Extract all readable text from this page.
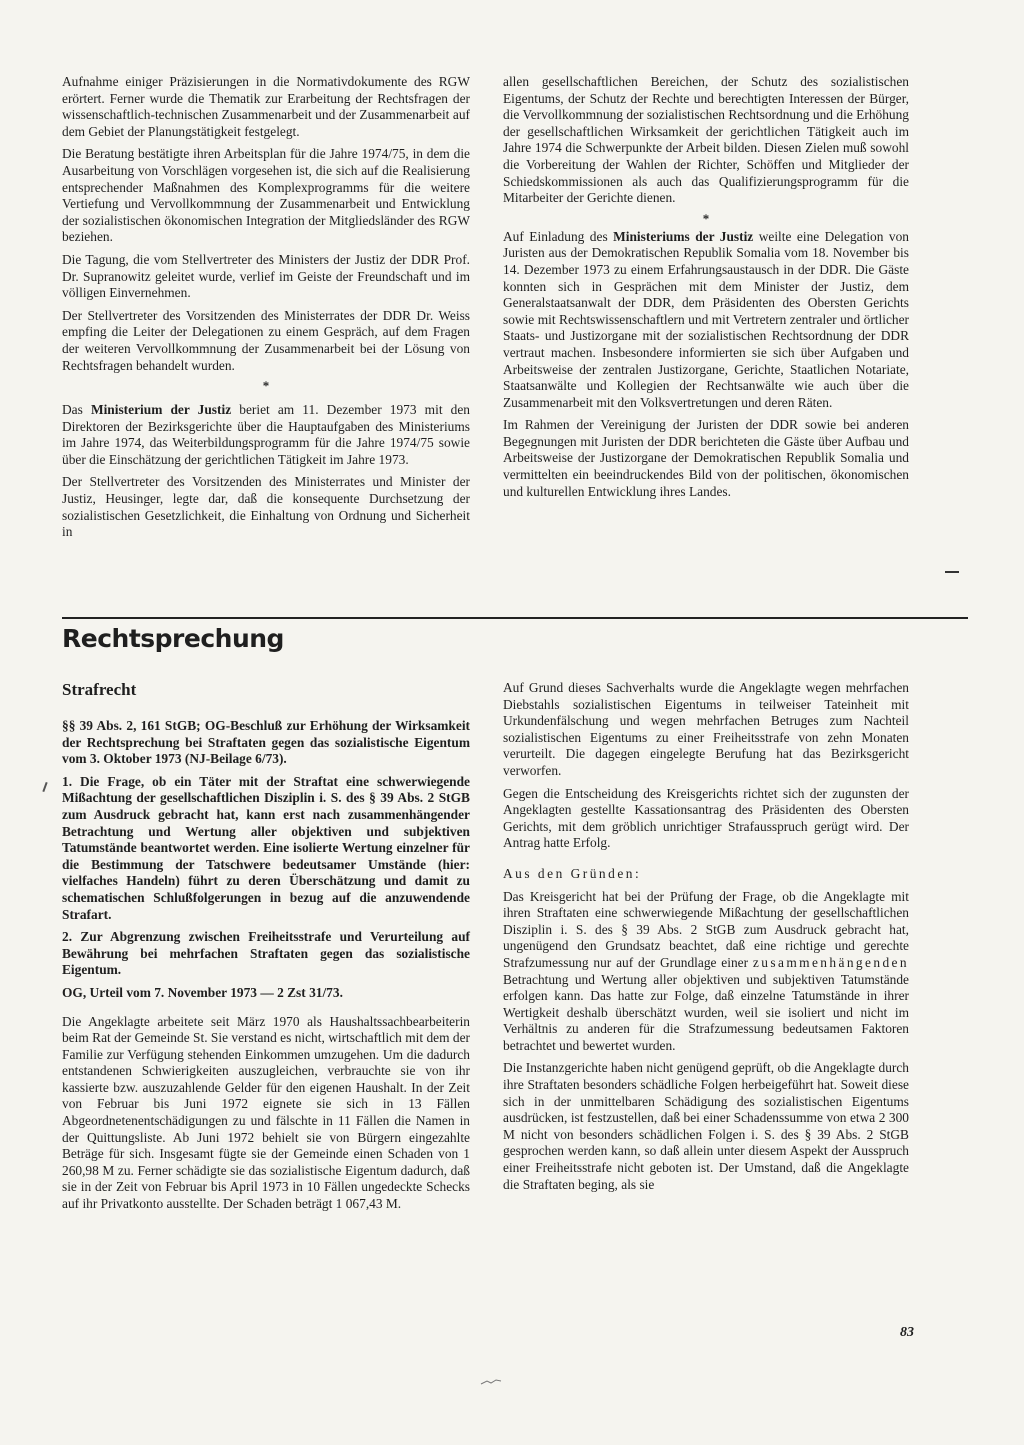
Aufnahme einiger Präzisierungen in die Normativdokumente des RGW erörtert. Ferner wurde die Thematik zur Erarbeitung der Rechtsfragen der wissenschaftlich-technischen Zusammenarbeit und der Zusammenarbeit auf dem Gebiet der Planungstätigkeit festgelegt.

Die Beratung bestätigte ihren Arbeitsplan für die Jahre 1974/75, in dem die Ausarbeitung von Vorschlägen vorgesehen ist, die sich auf die Realisierung entsprechender Maßnahmen des Komplexprogramms für die weitere Vertiefung und Vervollkommnung der Zusammenarbeit und Entwicklung der sozialistischen ökonomischen Integration der Mitgliedsländer des RGW beziehen.

Die Tagung, die vom Stellvertreter des Ministers der Justiz der DDR Prof. Dr. Supranowitz geleitet wurde, verlief im Geiste der Freundschaft und im völligen Einvernehmen.

Der Stellvertreter des Vorsitzenden des Ministerrates der DDR Dr. Weiss empfing die Leiter der Delegationen zu einem Gespräch, auf dem Fragen der weiteren Vervollkommnung der Zusammenarbeit bei der Lösung von Rechtsfragen behandelt wurden.

*

Das Ministerium der Justiz beriet am 11. Dezember 1973 mit den Direktoren der Bezirksgerichte über die Hauptaufgaben des Ministeriums im Jahre 1974, das Weiterbildungsprogramm für die Jahre 1974/75 sowie über die Einschätzung der gerichtlichen Tätigkeit im Jahre 1973.

Der Stellvertreter des Vorsitzenden des Ministerrates und Minister der Justiz, Heusinger, legte dar, daß die konsequente Durchsetzung der sozialistischen Gesetzlichkeit, die Einhaltung von Ordnung und Sicherheit in

allen gesellschaftlichen Bereichen, der Schutz des sozialistischen Eigentums, der Schutz der Rechte und berechtigten Interessen der Bürger, die Vervollkommnung der sozialistischen Rechtsordnung und die Erhöhung der gesellschaftlichen Wirksamkeit der gerichtlichen Tätigkeit auch im Jahre 1974 die Schwerpunkte der Arbeit bilden. Diesen Zielen muß sowohl die Vorbereitung der Wahlen der Richter, Schöffen und Mitglieder der Schiedskommissionen als auch das Qualifizierungsprogramm für die Mitarbeiter der Gerichte dienen.

*

Auf Einladung des Ministeriums der Justiz weilte eine Delegation von Juristen aus der Demokratischen Republik Somalia vom 18. November bis 14. Dezember 1973 zu einem Erfahrungsaustausch in der DDR. Die Gäste konnten sich in Gesprächen mit dem Minister der Justiz, dem Generalstaatsanwalt der DDR, dem Präsidenten des Obersten Gerichts sowie mit Rechtswissenschaftlern und mit Vertretern zentraler und örtlicher Staats- und Justizorgane mit der sozialistischen Rechtsordnung der DDR vertraut machen. Insbesondere informierten sie sich über Aufgaben und Arbeitsweise der zentralen Justizorgane, Gerichte, Staatlichen Notariate, Staatsanwälte und Kollegien der Rechtsanwälte wie auch über die Zusammenarbeit mit den Volksvertretungen und deren Räten.

Im Rahmen der Vereinigung der Juristen der DDR sowie bei anderen Begegnungen mit Juristen der DDR berichteten die Gäste über Aufbau und Arbeitsweise der Justizorgane der Demokratischen Republik Somalia und vermittelten ein beeindruckendes Bild von der politischen, ökonomischen und kulturellen Entwicklung ihres Landes.

Rechtsprechung
Strafrecht

§§ 39 Abs. 2, 161 StGB; OG-Beschluß zur Erhöhung der Wirksamkeit der Rechtsprechung bei Straftaten gegen das sozialistische Eigentum vom 3. Oktober 1973 (NJ-Beilage 6/73).

1. Die Frage, ob ein Täter mit der Straftat eine schwerwiegende Mißachtung der gesellschaftlichen Disziplin i. S. des § 39 Abs. 2 StGB zum Ausdruck gebracht hat, kann erst nach zusammenhängender Betrachtung und Wertung aller objektiven und subjektiven Tatumstände beantwortet werden. Eine isolierte Wertung einzelner für die Bestimmung der Tatschwere bedeutsamer Umstände (hier: vielfaches Handeln) führt zu deren Überschätzung und damit zu schematischen Schlußfolgerungen in bezug auf die anzuwendende Strafart.

2. Zur Abgrenzung zwischen Freiheitsstrafe und Verurteilung auf Bewährung bei mehrfachen Straftaten gegen das sozialistische Eigentum.

OG, Urteil vom 7. November 1973 — 2 Zst 31/73.

Die Angeklagte arbeitete seit März 1970 als Haushaltssachbearbeiterin beim Rat der Gemeinde St. Sie verstand es nicht, wirtschaftlich mit dem der Familie zur Verfügung stehenden Einkommen umzugehen. Um die dadurch entstandenen Schwierigkeiten auszugleichen, verbrauchte sie von ihr kassierte bzw. auszuzahlende Gelder für den eigenen Haushalt. In der Zeit von Februar bis Juni 1972 eignete sie sich in 13 Fällen Abgeordnetenentschädigungen zu und fälschte in 11 Fällen die Namen in der Quittungsliste. Ab Juni 1972 behielt sie von Bürgern eingezahlte Beträge für sich. Insgesamt fügte sie der Gemeinde einen Schaden von 1 260,98 M zu. Ferner schädigte sie das sozialistische Eigentum dadurch, daß sie in der Zeit von Februar bis April 1973 in 10 Fällen ungedeckte Schecks auf ihr Privatkonto ausstellte. Der Schaden beträgt 1 067,43 M.

Auf Grund dieses Sachverhalts wurde die Angeklagte wegen mehrfachen Diebstahls sozialistischen Eigentums in teilweiser Tateinheit mit Urkundenfälschung und wegen mehrfachen Betruges zum Nachteil sozialistischen Eigentums zu einer Freiheitsstrafe von zehn Monaten verurteilt. Die dagegen eingelegte Berufung hat das Bezirksgericht verworfen.

Gegen die Entscheidung des Kreisgerichts richtet sich der zugunsten der Angeklagten gestellte Kassationsantrag des Präsidenten des Obersten Gerichts, mit dem gröblich unrichtiger Strafausspruch gerügt wird. Der Antrag hatte Erfolg.

Aus den Gründen:

Das Kreisgericht hat bei der Prüfung der Frage, ob die Angeklagte mit ihren Straftaten eine schwerwiegende Mißachtung der gesellschaftlichen Disziplin i. S. des § 39 Abs. 2 StGB zum Ausdruck gebracht hat, ungenügend den Grundsatz beachtet, daß eine richtige und gerechte Strafzumessung nur auf der Grundlage einer zusammenhängenden Betrachtung und Wertung aller objektiven und subjektiven Tatumstände erfolgen kann. Das hatte zur Folge, daß einzelne Tatumstände in ihrer Wertigkeit deshalb überschätzt wurden, weil sie isoliert und nicht im Verhältnis zu anderen für die Strafzumessung bedeutsamen Faktoren betrachtet und bewertet wurden.

Die Instanzgerichte haben nicht genügend geprüft, ob die Angeklagte durch ihre Straftaten besonders schädliche Folgen herbeigeführt hat. Soweit diese sich in der unmittelbaren Schädigung des sozialistischen Eigentums ausdrücken, ist festzustellen, daß bei einer Schadenssumme von etwa 2 300 M nicht von besonders schädlichen Folgen i. S. des § 39 Abs. 2 StGB gesprochen werden kann, so daß allein unter diesem Aspekt der Ausspruch einer Freiheitsstrafe nicht geboten ist. Der Umstand, daß die Angeklagte die Straftaten beging, als sie

83
